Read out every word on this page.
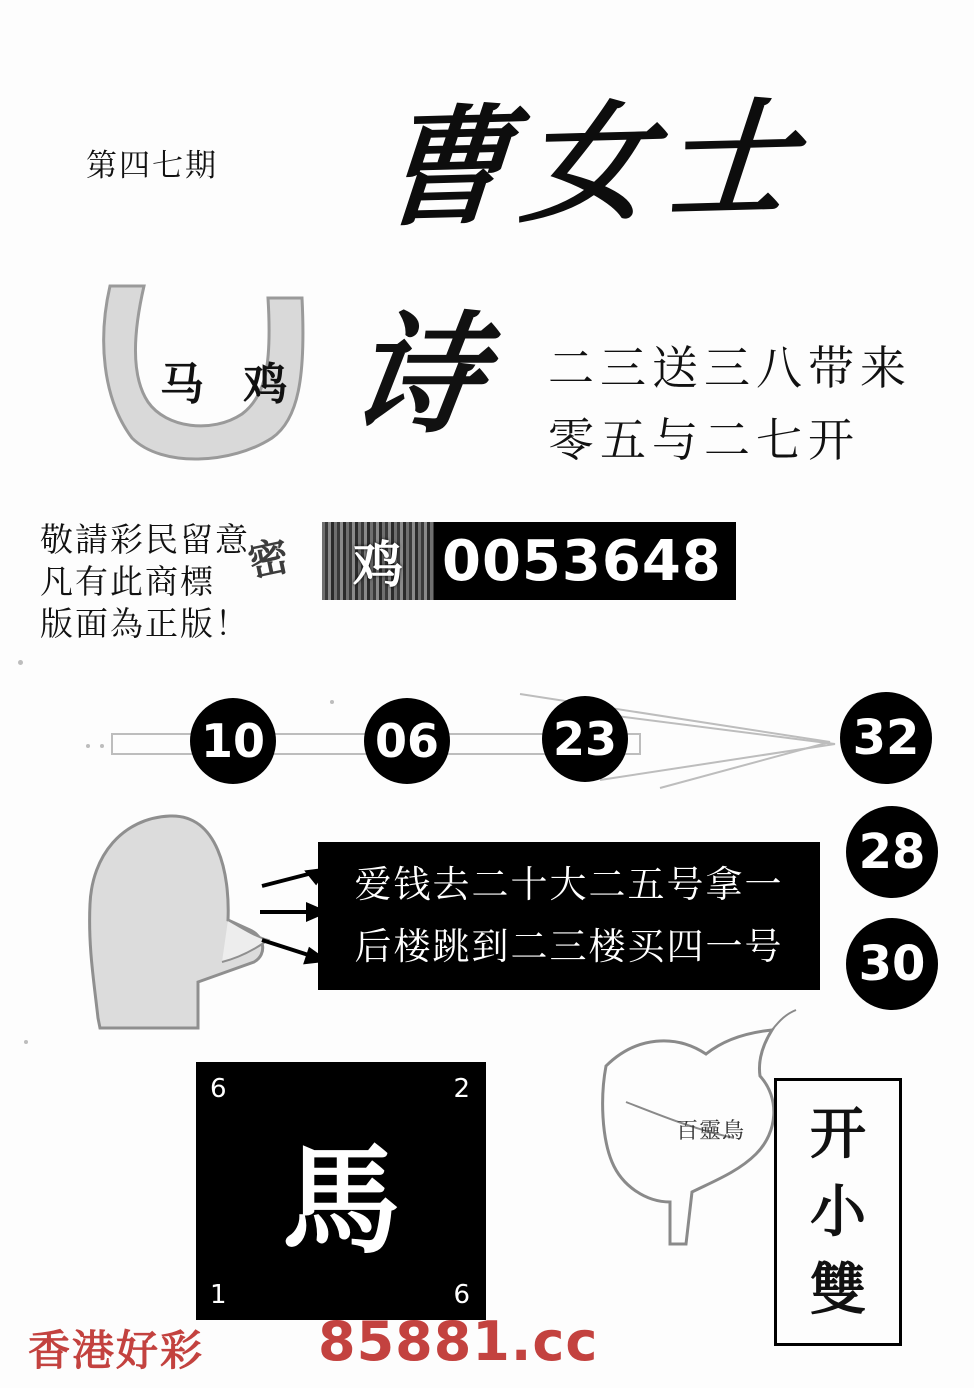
第四七期 曹女士
马 鸡 诗 二三送三八带来
零五与二七开
敬請彩民留意
凡有此商標
版面為正版！
密 鸡 0053648
10 06 23	32
28
30
爱钱去二十大二五号拿一
后楼跳到二三楼买四一号
6	2
馬
1	6
百靈鳥 开
小
雙
香港好彩 85881.cc
